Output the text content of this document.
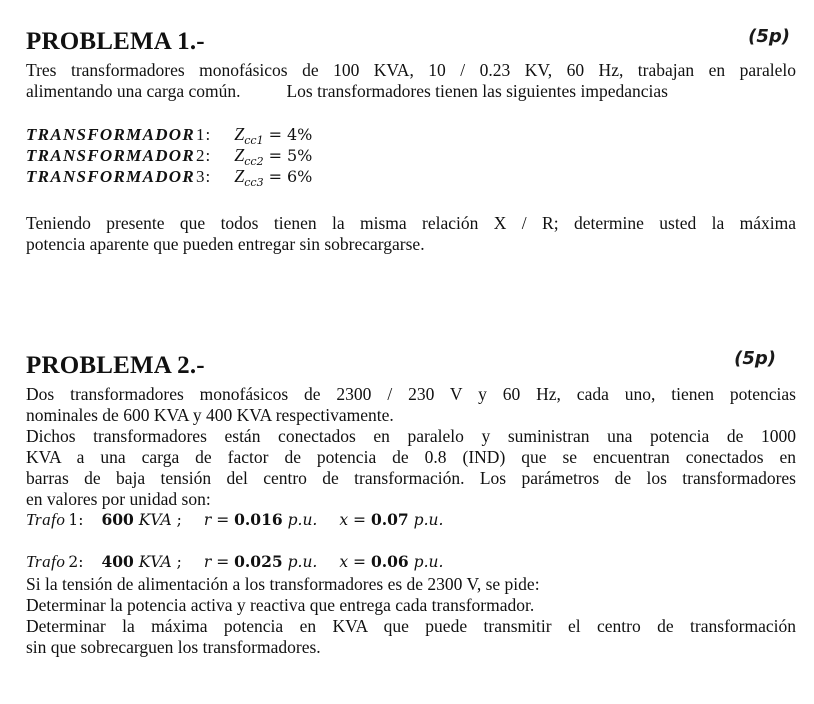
PROBLEMA 1.-	(5p)

Tres transformadores monofásicos de 100 KVA, 10 / 0.23 KV, 60 Hz, trabajan en paralelo
alimentando una carga común.	Los transformadores tienen las siguientes impedancias

TRANSFORMADOR 1 : $Z_{cc1} = 4\%$
TRANSFORMADOR 2 : $Z_{cc2} = 5\%$
TRANSFORMADOR 3 : $Z_{cc3} = 6\%$

Teniendo presente que todos tienen la misma relación X / R; determine usted la máxima
potencia aparente que pueden entregar sin sobrecargarse.

PROBLEMA 2.-	(5p)

Dos transformadores monofásicos de 2300 / 230 V y 60 Hz, cada uno, tienen potencias
nominales de 600 KVA y 400 KVA respectivamente.
Dichos transformadores están conectados en paralelo y suministran una potencia de 1000
KVA a una carga de factor de potencia de 0.8 (IND) que se encuentran conectados en
barras de baja tensión del centro de transformación. Los parámetros de los transformadores
en valores por unidad son:

Trafo 1: 600 KVA ; r = 0.016 p.u. x = 0.07 p.u.
Trafo 2: 400 KVA ; r = 0.025 p.u. x = 0.06 p.u.

Si la tensión de alimentación a los transformadores es de 2300 V, se pide:
Determinar la potencia activa y reactiva que entrega cada transformador.
Determinar la máxima potencia en KVA que puede transmitir el centro de transformación
sin que sobrecarguen los transformadores.
